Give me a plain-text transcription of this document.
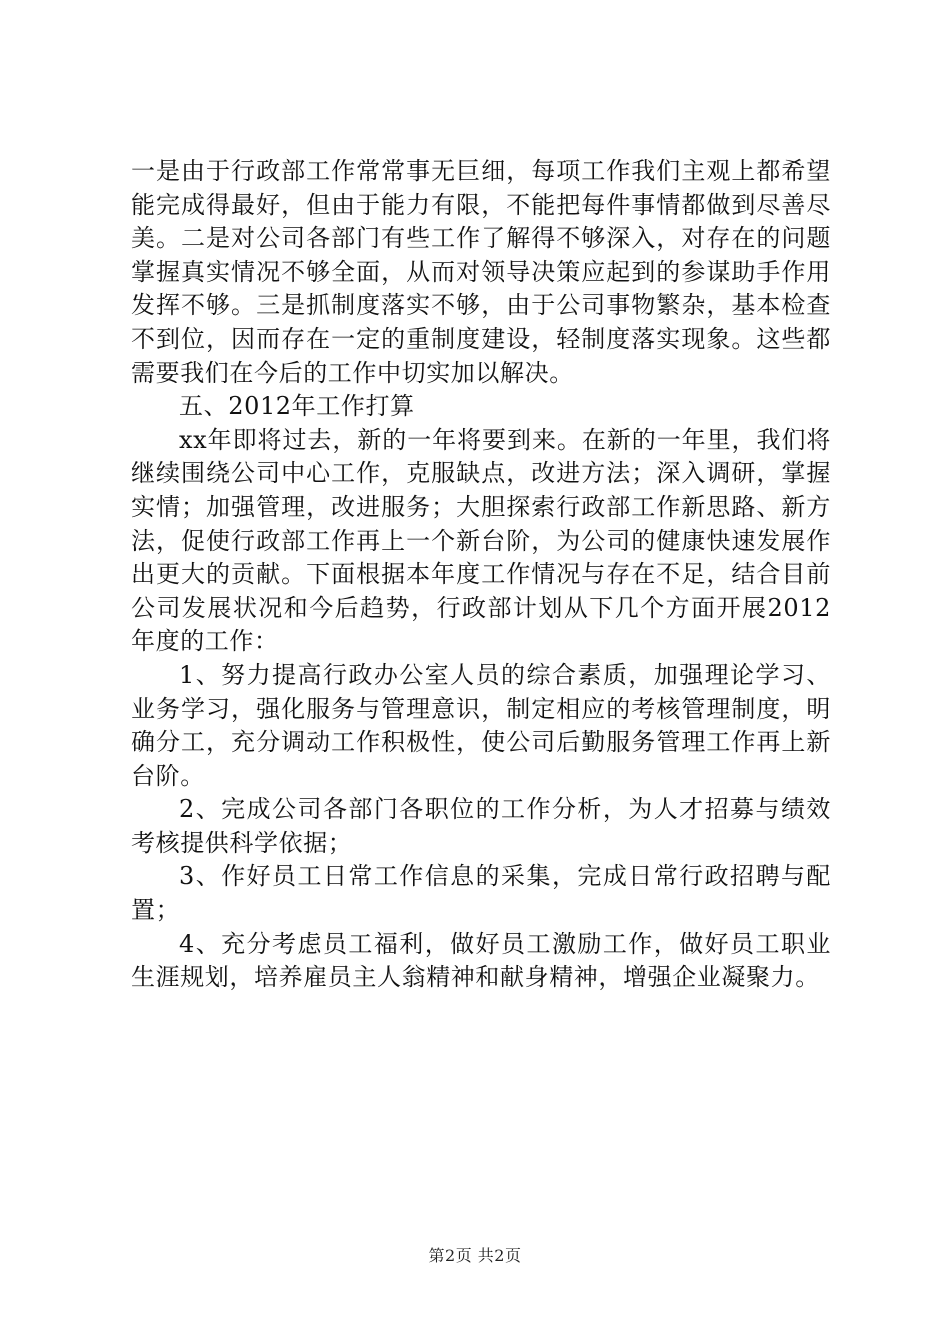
一是由于行政部工作常常事无巨细，每项工作我们主观上都希望能完成得最好，但由于能力有限，不能把每件事情都做到尽善尽美。二是对公司各部门有些工作了解得不够深入，对存在的问题掌握真实情况不够全面，从而对领导决策应起到的参谋助手作用发挥不够。三是抓制度落实不够，由于公司事物繁杂，基本检查不到位，因而存在一定的重制度建设，轻制度落实现象。这些都需要我们在今后的工作中切实加以解决。

五、2012年工作打算

xx年即将过去，新的一年将要到来。在新的一年里，我们将继续围绕公司中心工作，克服缺点，改进方法；深入调研，掌握实情；加强管理，改进服务；大胆探索行政部工作新思路、新方法，促使行政部工作再上一个新台阶，为公司的健康快速发展作出更大的贡献。下面根据本年度工作情况与存在不足，结合目前公司发展状况和今后趋势，行政部计划从下几个方面开展2012年度的工作：

1、努力提高行政办公室人员的综合素质，加强理论学习、业务学习，强化服务与管理意识，制定相应的考核管理制度，明确分工，充分调动工作积极性，使公司后勤服务管理工作再上新台阶。

2、完成公司各部门各职位的工作分析，为人才招募与绩效考核提供科学依据；

3、作好员工日常工作信息的采集，完成日常行政招聘与配置；

4、充分考虑员工福利，做好员工激励工作，做好员工职业生涯规划，培养雇员主人翁精神和献身精神，增强企业凝聚力。

第2页 共2页
